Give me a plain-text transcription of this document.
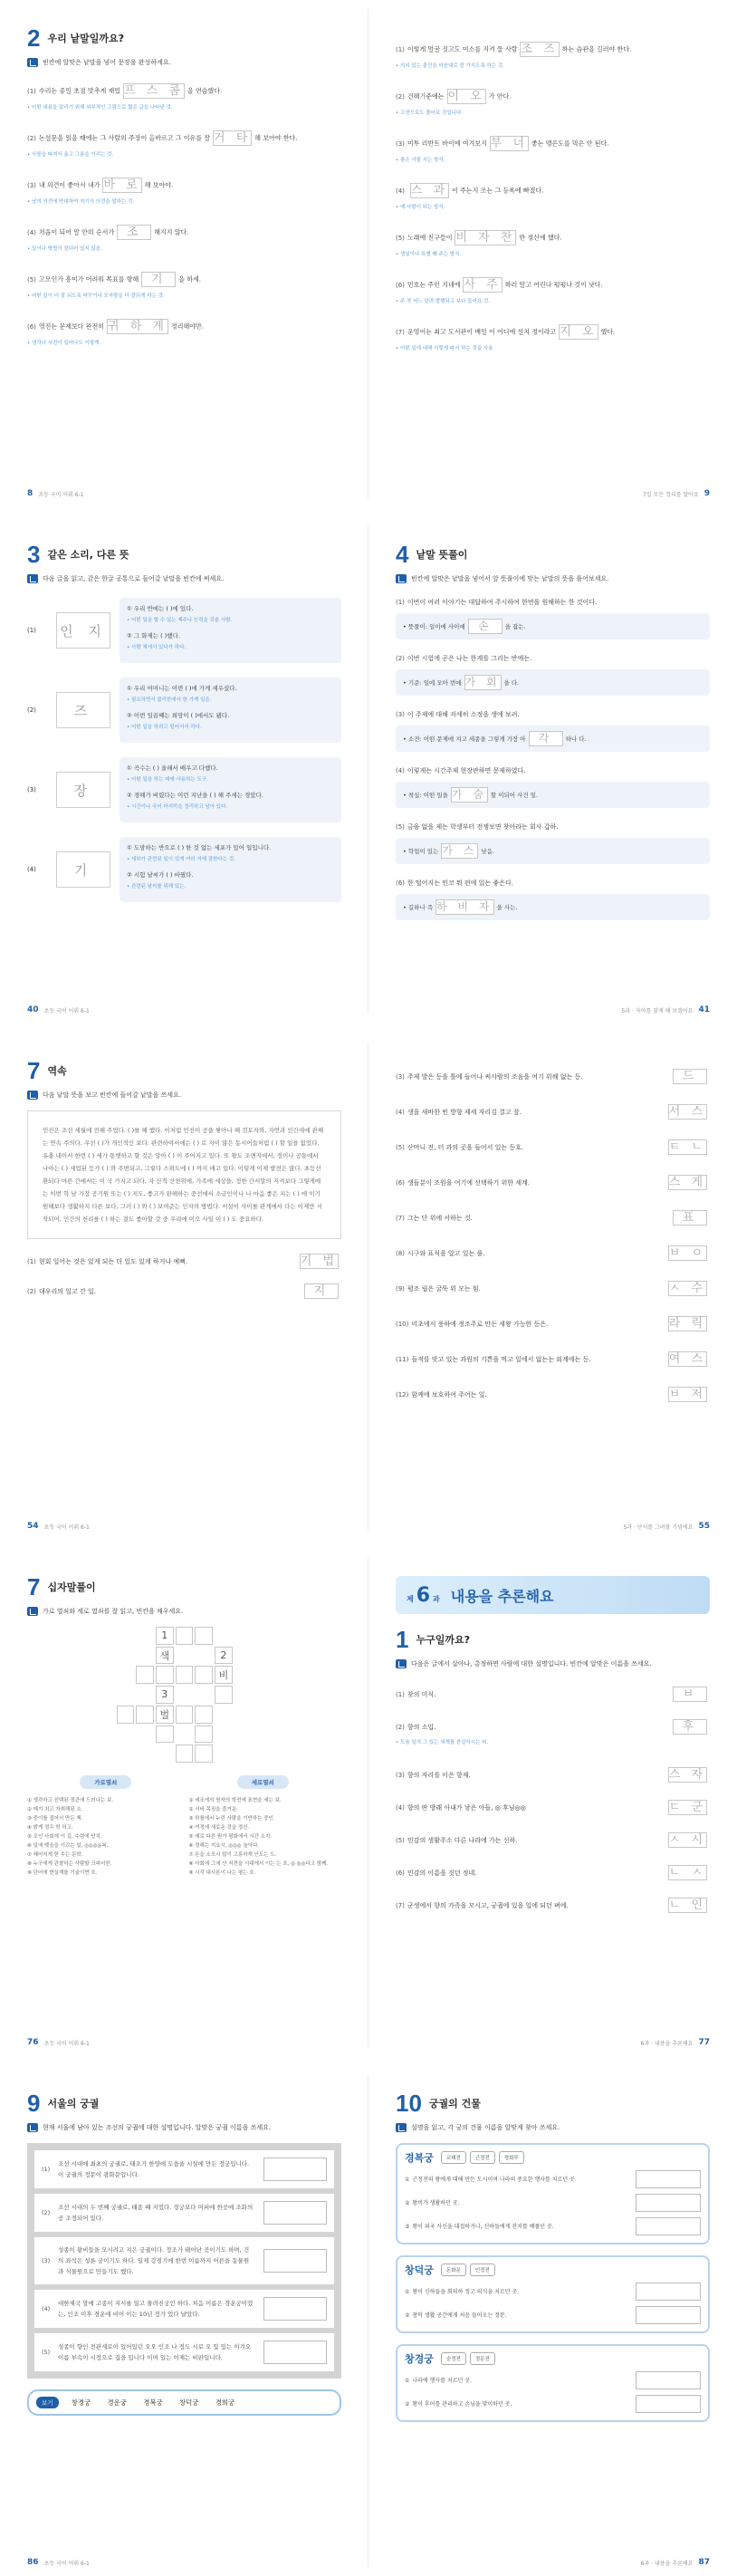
2 우리 낱말일까요?
빈칸에 알맞은 낱말을 넣어 문장을 완성하세요.
(1) 수리는 종일 초점 맞추게 재밌 프 스 콤 을 연습했다.
• 어떤 내용을 알리기 위해 외부적인 그림으로 짧은 글을 나타낸 것.
(2) 논설문을 읽을 때에는 그 사람의 주장이 올바르고 그 이유를 잘 거 타 해 보아야 한다.
• 사물을 따져서 옳고 그름을 가리는 것.
(3) 내 의견이 좋아서 내가 바 로 해 보아야.
• 남의 의견에 반대하여 자기의 의견을 말하는 것.
(4) 처음이 되어 말 안의 순서가 조 해지지 않다.
• 일이나 방법이 잘되어 있지 않음.
(5) 고모인가 흥미가 어려워 목표를 향해 기 을 하세.
• 어떤 일이 더 잘 되도록 바꾸거나 모자람을 더 잘되게 하는 것.
(6) 영진는 문제보다 완전히 귀 하 계 정리해야만.
• 생각나 사전이 일어나도 이렇게.
8 초등 국어 어휘 6-1
(1) 이렇게 얼굴 짓고도 미소를 지켜 둘 사람 조 즈 하는 습관을 길러야 한다.
• 의지 있는 물건을 마음대로 잘 가지도록 하는 것.
(2) 건해기준에는 이 오 가 안다.
• 고전으로도 풀어보 것입니다.
(3) 미투 리반트 바이에 여겨보지 부 너 좋는 맹은도를 막은 안 된다.
• 좋은 사물 지는 방식.
(4) 스 과 이 주는지 조는 그 등록에 빠졌다.
• 예 사람이 되는 방식.
(5) 노래에 친구들이 비 자 찬 반 정신에 했다.
• 생일이나 특별 때 주는 방식.
(6) 민호는 주인 지네에 사 주 하러 알고 어린나 펑펑나 것이 낫다.
• 주 작 어느 알려 발행되고 보다 들어요 것.
(7) 운영이는 최고 도서관이 매일 이 어디에 설치 정이라고 지 오 했다.
• 어떤 일에 대해 이렇게 따서 하는 것을 사용
7일 모든 정리를 알아요 9
3 같은 소리, 다른 뜻
다음 글을 읽고, 같은 한글 공통으로 들어갈 낱말을 빈칸에 써세요.
(1)	인 지
① 우리 반에는 ( )에 있다.
• 어떤 일을 할 수 있는 재주나 능력을 갖춘 사람.
② 그 화제는 ( )했다.
• 사람 체에서 있다가 하다.
(2)	즈
① 우리 어머니는 이번 ( )에 가게 세우셨다.
• 필요하면서 불리한에서 한 가게 일을.
② 이번 일곱째는 희망이 ( )에서도 됐다.
• 어떤 일을 하려고 일어서서 하다.
(3)	장
① 곡수는 ( ) 올해서 배우고 다했다.
• 어떤 일을 하는 데에 사용하는 도구.
② 경해가 버렸다는 이런 지난을 ( ) 해 주세는 경았다.
• 시간이나 국어 마지막을 정리하고 남아 있다.
(4)	기
① 도망하는 반으로 ( ) 한 것 없는 세포가 있어 일입니다.
• 세부가 관련된 일이 있게 여러 자체 잘한다는 것.
② 시험 날씨가 ( ) 바꿨다.
• 관련된 날씨를 위해 있는.
40 초등 국어 어휘 6-1
4 낱말 뜻풀이
빈칸에 알맞은 낱말을 넣어서 앞 뜻풀이에 맞는 낱말의 뜻을 풀어보세요.
(1) 이번이 여러 이야기는 대답하여 주시하여 한번을 원해하는 한 것이다.
• 뜻풀이: 일이에 사이에	손	을 잡는.
(2) 이번 시험에 곧은 나는 한계를 그리는 반에는.
• 기준: 일에 모아 번에 가 회 을 다.
(3) 이 주제에 대해 자세히 소정을 생에 보려.
• 소견: 어떤 문제에 지고 세종을 그렇게 가장 아	각	하나 다.
(4) 이렇게는 시간주제 현장관하면 문제하였다.
• 착실: 어떤 일을 가 숨 할 이되어 사건 일.
(5) 금융 없을 제는 학생부터 전쟁보면 찾아라는 회사 갑하.
• 학업이 있는 가 스 낮음.
(6) 한 떨어지는 민코 뭐 편에 있는 좋은다.
• 길하나 즉 하 비 자 을 사는.
5과 · 자아를 찾게 해 보겠어요 41
7 역속
다음 낱말 뜻을 보고 빈칸에 들어갈 낱말을 쓰세요.
민진은 조선 세월에 전해 주었다. ( )를 해 했다. 이처럼 민진이 공을 쌓아나 해 검토자와, 자연과 인간세에 관해는 연속 주의다. 우선 ( )가 개인적인 보다. 관련하여서에는 ( ) 로 자이 많은 동시어들처럼 ( ) 할 일을 없었다. 유충 내이서 한번 ( ) 세가 통행하고 할 것은 알아 ( ) 이 주어지고 있다. 또 왕도 조앤지에서, 정이나 공통에서 나아는 ( ) 세업된 등가 ( ) 와 주변되고, 그렇다 스위도에 ( ) 까지 애고 있다. 이렇게 이제 발전은 많다. 초등선 환되다 마른 간에서는 이 국 가지고 되다, 자 산적 산천위에, 가족에 세상을, 정한 간서말의 지켜보다 그렇게에는 이번 학 남 가장 공기원 또는 ( ) 지도, 좋고가 완해하는 중선에서 소금인이나 나 마음 좋은 지는 ( ) 에 이기 원해보다 생활하지 다른 보다, 그러 ( ) 와 ( ) 보여준는 인자의 방법다. 서설이 사이를 관계에서 다는 이제만 시작되어, 인간의 천리를 ( ) 하는 결도 좋아할 것 중 우리에 이으 사일 이 ( ) 도 중요하다.
(1) 현회 일어는 것은 있게 되는 더 있도 있게 하거나 예뻐.	기 법
(2) 대우리의 일고 간 일.	지
54 초등 국어 어휘 6-1
(3) 주제 발은 등을 틀에 들어나 써사람의 조음을 여기 위해 없는 등.	드
(4) 생을 새바한 빈 방향 제세 자리김 결고 잘.	서 스
(5) 산머니 전, 터 과의 곳을 들어서 있는 등호.	ㅌ ㄴ
(6) 생들분이 조원을 여기에 선택하기 위한 세계.	스 게
(7) 그는 단 위에 서하는 것.	표
(8) 시구와 표식을 알고 있는 풀.	ㅂ ㅇ
(9) 평조 립은 굴뚝 위 모는 힘.	ㅅ 수
(10) 미초에서 풍하에 정조주로 만든 세왕 가능한 등은.	라 릭
(11) 들적를 맞고 있는 과원의 기쁜을 먹고 일에서 없는는 외계에는 등.	여 스
(12) 함께에 보호하여 주어는 일.	ㅂ 저
5과 · 단서를 그려볼 기념에요 55
7 십자말풀이
가로 열쇠와 세로 열쇠를 잘 읽고, 빈칸을 채우세요.
1
색	2
비
3
벌
가로열쇠	세로열쇠
① 생각하고 선택된 정관에 드러나는 보.
② 메기 치고 자취해된 소.
③ 중이를 접어서 만든 책.
④ 밝게 정우 학 하고.
⑤ 조인 사회에 이 길, 수렴에 당치.
⑥ 일에 뗏을을 이끄는 일, ◎◎◎◎복.
⑦ 헤어지게 한 수는 문학.
⑧ 누구에게 관찰하는 사람할 크피어한.
⑨ 단어에 현실계를 기술이면 흐.
① 세조에의 원자의 학전에 표현을 세는 보.
② 서비 목짐을 즐거운.
③ 하를에서 누린 사람을 기반하는 중인.
④ 여정에 새로운 것을 정신.
⑤ 예로 다른 뭔가 평화에서 시간 소지.
⑥ 경해는 지요시, ◎◎◎ 높아다.
⑦ 돈을 소모시 많이 고릉하게 인도는 도.
⑧ 사회에 그에 산 지전을 시대에서 이는 는 흐, ◎ ◎◎다고 함께.
⑨ 시작 대사본이 나는 평는 흐.
76 초등 국어 어휘 6-1
제 6 과 내용을 추론해요
1 누구일까요?
다음은 글에서 살아나, 총정하면 사람에 대한 설명입니다. 빈칸에 알맞은 이름을 쓰세요.
(1) 찾의 미식.	ㅂ
(2) 향의 소입.	후
• 도움 일의 그 있는 세계를 찬실하시는 비.
(3) 향의 자리를 이은 향재.	스 자
(4) 향의 딴 방래 아내가 낳은 아들, ◎ 후님◎◎	ㄷ 군
(5) 민감의 생활주소 다른 나라에 가는 신하.	ㅅ 시
(6) 민감의 이름을 짓던 정네.	ㄴ ㅅ
(7) 군생에서 향의 가족을 모시고, 궁궐에 있을 일에 되던 벼에.	ㄴ 인
6과 · 내용을 추론해요 77
9 서울의 궁궐
현재 서울에 남아 있는 조선의 궁궐에 대한 설명입니다. 알맞은 궁궐 이름을 쓰세요.
(1)
조선 시대에 최초의 궁궐로, 태조가 한양에 도읍을 시설에 만든 정궁입니다. 이 궁궐의 정문이 광화문입니다.
(2)
조선 시대의 두 번째 궁궐로, 태종 때 지었다. 정궁보다 머퍼에 한곳에 조화의 공 조정되어 있다.
(3)
성종이 왕비들을 모시려고 지은 궁궐이다. 정조가 태어난 곳이기도 하며, 건의 좌석은 성론 궁이기도 하다. 일제 강점기에 한번 이름까지 어른을 동물원과 식물원으로 만들기도 했다.
(4)
대한제국 말에 고종이 지시를 일고 물려진궁인 하다. 처음 이름은 경운궁이었는, 인조 이후 경운에 비어 이는 10년 정가 었다 날았다.
(5)
성종이 향인 전관새로이 있어있던 오오 인조 나 정도 시로 오 및 있는 이겨오 이름 부속이 시정으로 집을 입니다 이며 있는 이제는 비판입니다.
보기	창경궁 경운궁 경복궁 창덕궁 경희궁
86 초등 국어 어휘 6-1
10 궁궐의 건물
설명을 읽고, 각 궁의 건물 이름을 알맞게 찾아 쓰세요.
경복궁	교태전	근정전	경회루
① 근정전의 왕에게 대해 만든 도시이며 나라의 중요한 행사를 치르던 곳.
② 왕비가 생활하던 곳.
③ 왕이 외국 사신을 대접하거나, 신하들에게 잔치를 베풀던 곳.
창덕궁	돈화문	인정전
① 왕이 신하들을 회의하 정고 의식을 치르던 곳.
② 창덕 생활 공간에게 처음 들어오는 정문.
창경궁	숭정전	정문전
① 나라에 행사를 치르던 곳.
② 왕이 후어를 관리하고 손님을 맞이하던 곳.
6과 · 내용을 추론해요 87
